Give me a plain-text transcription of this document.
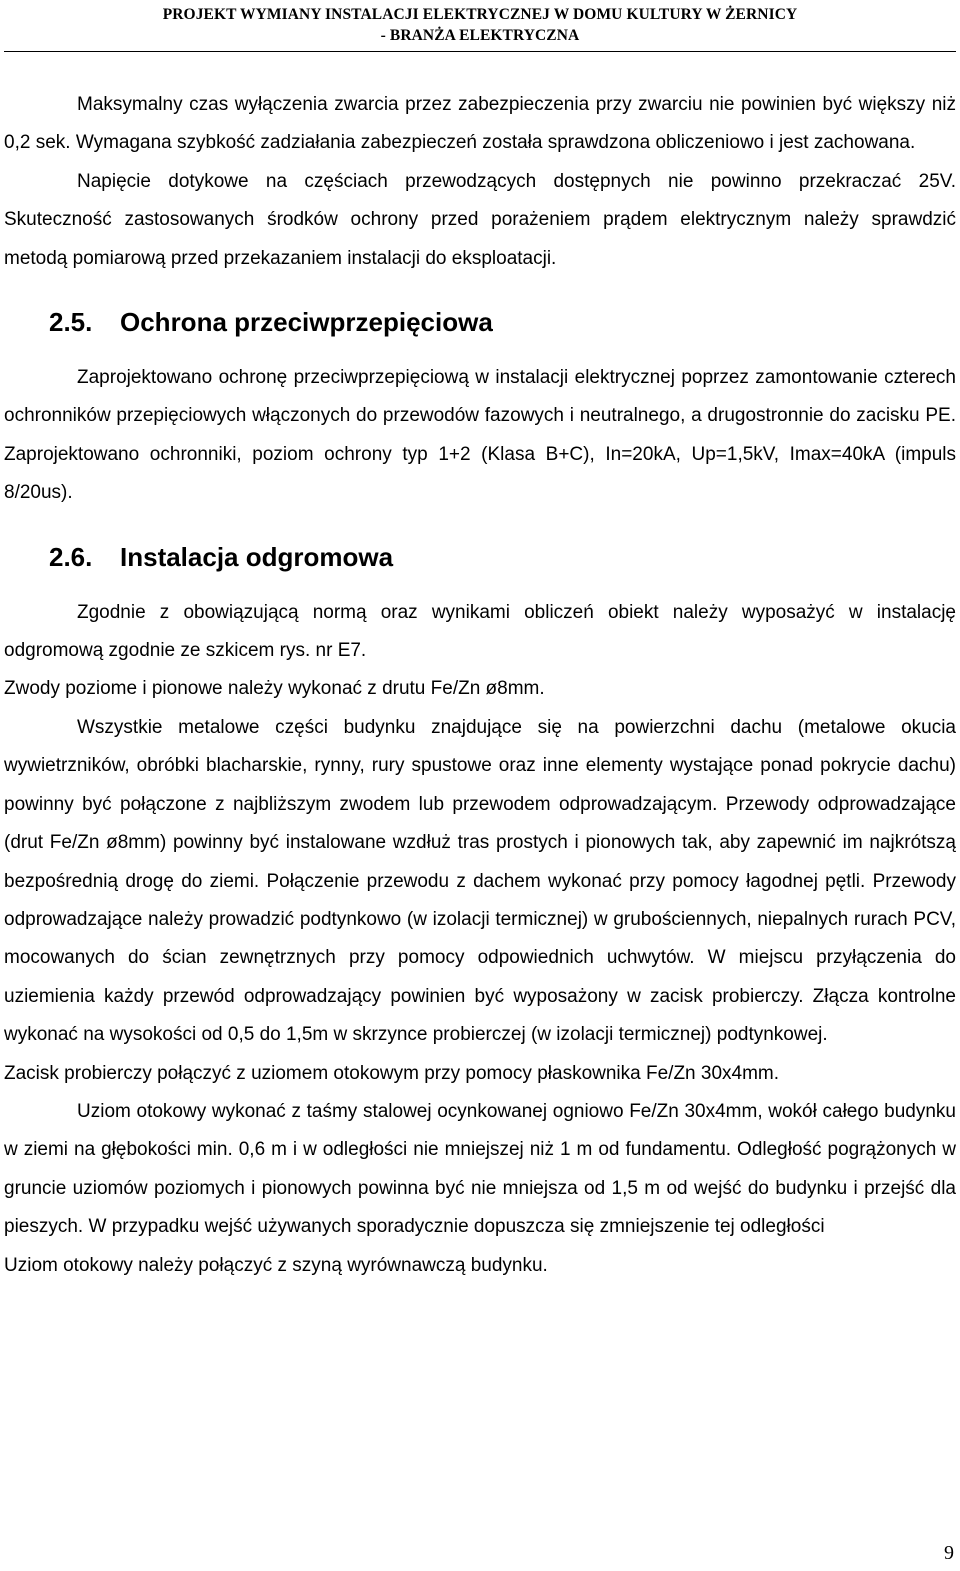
PROJEKT WYMIANY INSTALACJI ELEKTRYCZNEJ W DOMU KULTURY W ŻERNICY
- BRANŻA ELEKTRYCZNA

Maksymalny czas wyłączenia zwarcia przez zabezpieczenia przy zwarciu nie powinien być większy niż 0,2 sek. Wymagana szybkość zadziałania zabezpieczeń została sprawdzona obliczeniowo i jest zachowana.

Napięcie dotykowe na częściach przewodzących dostępnych nie powinno przekraczać 25V. Skuteczność zastosowanych środków ochrony przed porażeniem prądem elektrycznym należy sprawdzić metodą pomiarową przed przekazaniem instalacji do eksploatacji.

2.5. Ochrona przeciwprzepięciowa

Zaprojektowano ochronę przeciwprzepięciową w instalacji elektrycznej poprzez zamontowanie czterech ochronników przepięciowych włączonych do przewodów fazowych i neutralnego, a drugostronnie do zacisku PE. Zaprojektowano ochronniki, poziom ochrony typ 1+2 (Klasa B+C), In=20kA, Up=1,5kV, Imax=40kA (impuls 8/20us).

2.6. Instalacja odgromowa

Zgodnie z obowiązującą normą oraz wynikami obliczeń obiekt należy wyposażyć w instalację odgromową zgodnie ze szkicem rys. nr E7.

Zwody poziome i pionowe należy wykonać z drutu Fe/Zn ø8mm.

Wszystkie metalowe części budynku znajdujące się na powierzchni dachu (metalowe okucia wywietrzników, obróbki blacharskie, rynny, rury spustowe oraz inne elementy wystające ponad pokrycie dachu) powinny być połączone z najbliższym zwodem lub przewodem odprowadzającym. Przewody odprowadzające (drut Fe/Zn ø8mm) powinny być instalowane wzdłuż tras prostych i pionowych tak, aby zapewnić im najkrótszą bezpośrednią drogę do ziemi. Połączenie przewodu z dachem wykonać przy pomocy łagodnej pętli. Przewody odprowadzające należy prowadzić podtynkowo (w izolacji termicznej) w grubościennych, niepalnych rurach PCV, mocowanych do ścian zewnętrznych przy pomocy odpowiednich uchwytów. W miejscu przyłączenia do uziemienia każdy przewód odprowadzający powinien być wyposażony w zacisk probierczy. Złącza kontrolne wykonać na wysokości od 0,5 do 1,5m w skrzynce probierczej (w izolacji termicznej) podtynkowej.

Zacisk probierczy połączyć z uziomem otokowym przy pomocy płaskownika Fe/Zn 30x4mm.

Uziom otokowy wykonać z taśmy stalowej ocynkowanej ogniowo Fe/Zn 30x4mm, wokół całego budynku w ziemi na głębokości min. 0,6 m i w odległości nie mniejszej niż 1 m od fundamentu. Odległość pogrążonych w gruncie uziomów poziomych i pionowych powinna być nie mniejsza od 1,5 m od wejść do budynku i przejść dla pieszych. W przypadku wejść używanych sporadycznie dopuszcza się zmniejszenie tej odległości

Uziom otokowy należy połączyć z szyną wyrównawczą budynku.

9
